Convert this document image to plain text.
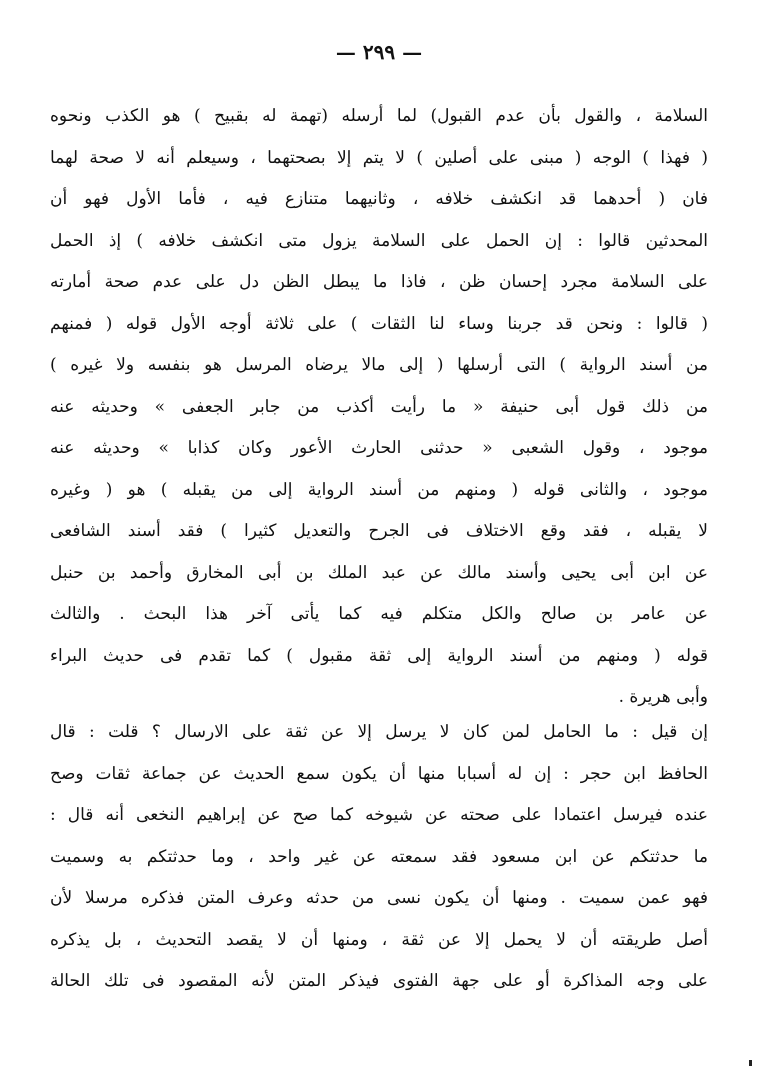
— ٢٩٩ —
السلامة ، والقول بأن عدم القبول) لما أرسله (تهمة له بقبيح ) هو الكذب ونحوه
( فهذا ) الوجه ( مبنى على أصلين ) لا يتم إلا بصحتهما ، وسيعلم أنه لا صحة لهما
فان ( أحدهما قد انكشف خلافه ، وثانيهما متنازع فيه ، فأما الأول فهو أن
المحدثين قالوا : إن الحمل على السلامة يزول متى انكشف خلافه ) إذ الحمل
على السلامة مجرد إحسان ظن ، فاذا ما يبطل الظن دل على عدم صحة أمارته
( قالوا : ونحن قد جربنا وساء لنا الثقات ) على ثلاثة أوجه الأول قوله ( فمنهم
من أسند الرواية ) التى أرسلها ( إلى مالا يرضاه المرسل هو بنفسه ولا غيره )
من ذلك قول أبى حنيفة « ما رأيت أكذب من جابر الجعفى » وحديثه عنه
موجود ، وقول الشعبى « حدثنى الحارث الأعور وكان كذابا » وحديثه عنه
موجود ، والثانى قوله ( ومنهم من أسند الرواية إلى من يقبله ) هو ( وغيره
لا يقبله ، فقد وقع الاختلاف فى الجرح والتعديل كثيرا ) فقد أسند الشافعى
عن ابن أبى يحيى وأسند مالك عن عبد الملك بن أبى المخارق وأحمد بن حنبل
عن عامر بن صالح والكل متكلم فيه كما يأتى آخر هذا البحث . والثالث
قوله ( ومنهم من أسند الرواية إلى ثقة مقبول ) كما تقدم فى حديث البراء
وأبى هريرة .
إن قيل : ما الحامل لمن كان لا يرسل إلا عن ثقة على الارسال ؟ قلت : قال
الحافظ ابن حجر : إن له أسبابا منها أن يكون سمع الحديث عن جماعة ثقات وصح
عنده فيرسل اعتمادا على صحته عن شيوخه كما صح عن إبراهيم النخعى أنه قال :
ما حدثتكم عن ابن مسعود فقد سمعته عن غير واحد ، وما حدثتكم به وسميت
فهو عمن سميت . ومنها أن يكون نسى من حدثه وعرف المتن فذكره مرسلا لأن
أصل طريقته أن لا يحمل إلا عن ثقة ، ومنها أن لا يقصد التحديث ، بل يذكره
على وجه المذاكرة أو على جهة الفتوى فيذكر المتن لأنه المقصود فى تلك الحالة
